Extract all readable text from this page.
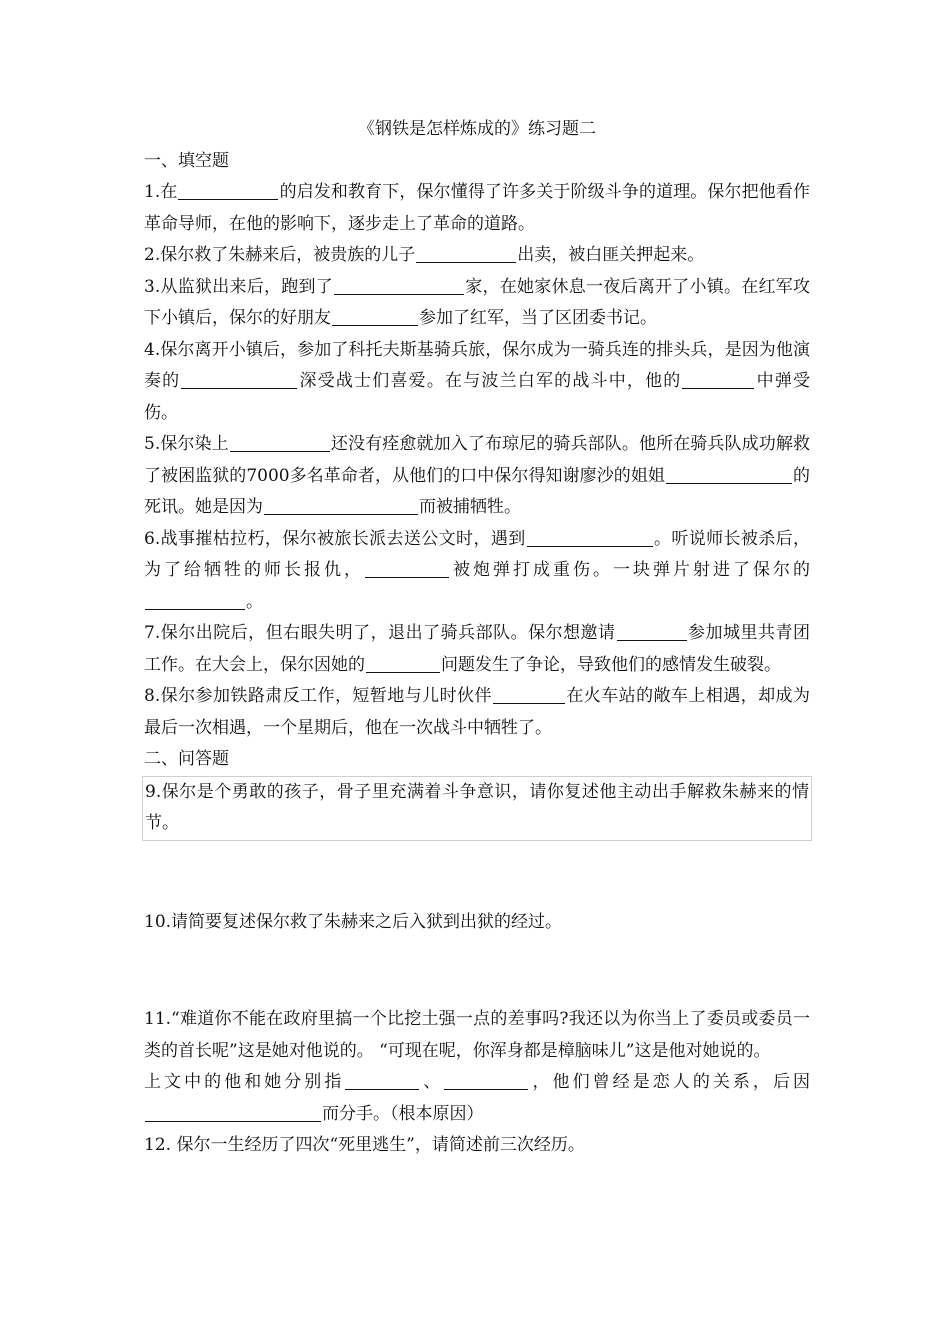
《钢铁是怎样炼成的》练习题二
一、填空题

1.在	的启发和教育下，保尔懂得了许多关于阶级斗争的道理。保尔把他看作革命导师，在他的影响下，逐步走上了革命的道路。

2.保尔救了朱赫来后，被贵族的儿子	出卖，被白匪关押起来。

3.从监狱出来后，跑到了	家，在她家休息一夜后离开了小镇。在红军攻下小镇后，保尔的好朋友	参加了红军，当了区团委书记。

4.保尔离开小镇后，参加了科托夫斯基骑兵旅，保尔成为一骑兵连的排头兵，是因为他演奏的	深受战士们喜爱。在与波兰白军的战斗中，他的	中弹受伤。

5.保尔染上	还没有痊愈就加入了布琼尼的骑兵部队。他所在骑兵队成功解救了被困监狱的7000多名革命者，从他们的口中保尔得知谢廖沙的姐姐	的死讯。她是因为	而被捕牺牲。

6.战事摧枯拉朽，保尔被旅长派去送公文时，遇到	。听说师长被杀后，为了给牺牲的师长报仇，	被炮弹打成重伤。一块弹片射进了保尔的。

7.保尔出院后，但右眼失明了，退出了骑兵部队。保尔想邀请	参加城里共青团工作。在大会上，保尔因她的	问题发生了争论，导致他们的感情发生破裂。

8.保尔参加铁路肃反工作，短暂地与儿时伙伴	在火车站的敞车上相遇，却成为最后一次相遇，一个星期后，他在一次战斗中牺牲了。

二、问答题

9.保尔是个勇敢的孩子，骨子里充满着斗争意识，请你复述他主动出手解救朱赫来的情节。

10.请简要复述保尔救了朱赫来之后入狱到出狱的经过。

11.“难道你不能在政府里搞一个比挖土强一点的差事吗?我还以为你当上了委员或委员一类的首长呢”这是她对他说的。 “可现在呢，你浑身都是樟脑味儿”这是他对她说的。

上文中的他和她分别指	、	，他们曾经是恋人的关系，后因而分手。（根本原因）

12. 保尔一生经历了四次“死里逃生”，请简述前三次经历。
